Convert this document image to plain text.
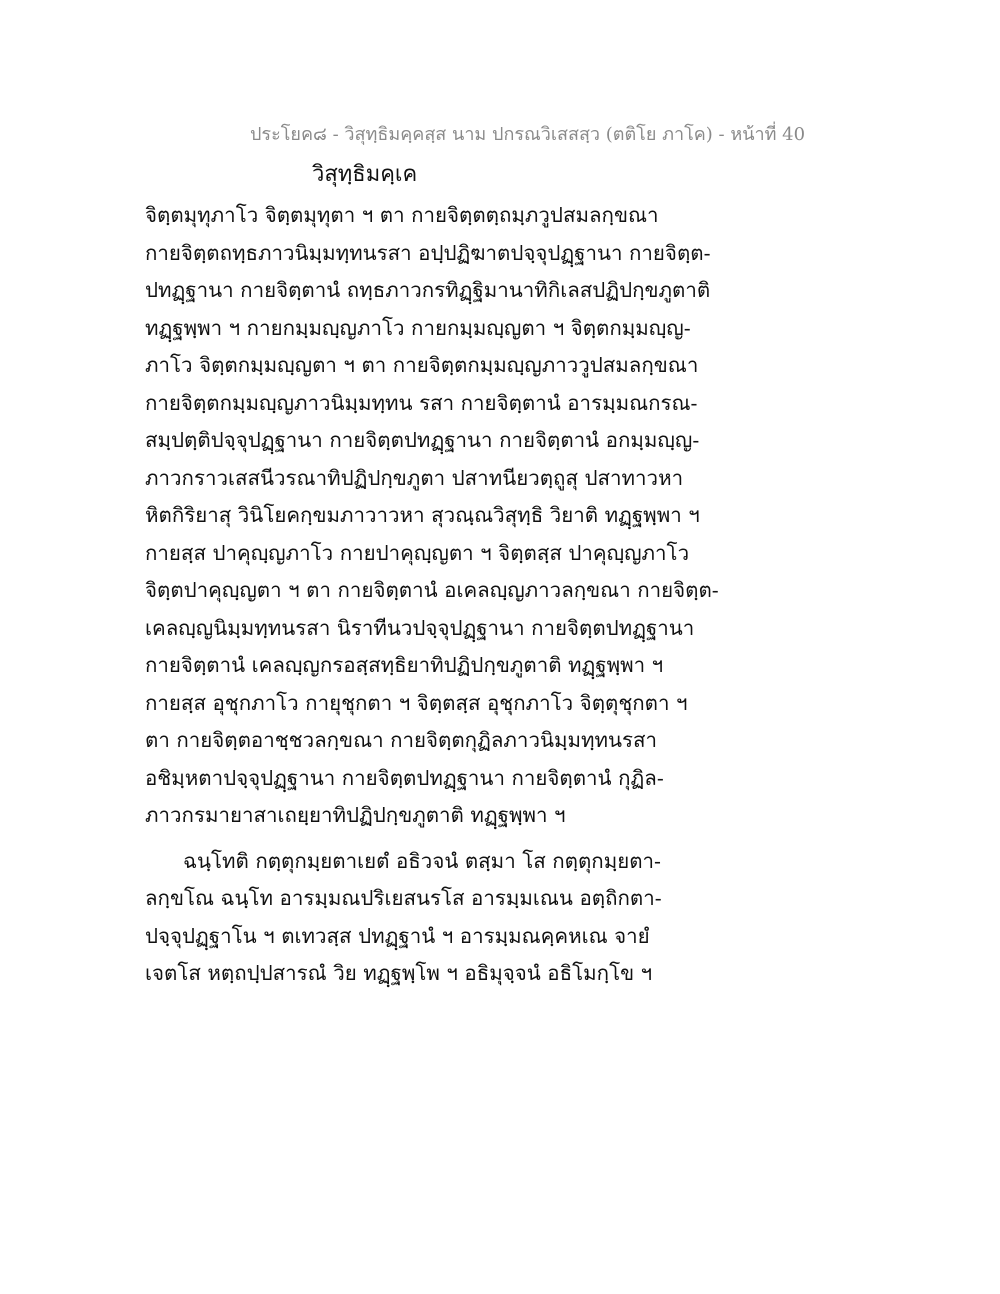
ประโยค๘ - วิสุทฺธิมคฺคสฺส นาม ปกรณวิเสสสฺว (ตติโย ภาโค) - หน้าที่ 40
วิสุทฺธิมคฺเค
จิตฺตมุทุภาโว จิตฺตมุทุตา ฯ ตา กายจิตฺตตฺถมฺภวูปสมลกฺขณา
กายจิตฺตถทฺธภาวนิมฺมทฺทนรสา อปฺปฏิฆาตปจฺจุปฏฺฐานา กายจิตฺต-
ปทฏฺฐานา กายจิตฺตานํ ถทฺธภาวกรทิฏฺฐิมานาทิกิเลสปฏิปกฺขภูตาติ
ทฏฺฐพฺพา ฯ กายกมฺมญฺญภาโว กายกมฺมญฺญตา ฯ จิตฺตกมฺมญฺญ-
ภาโว จิตฺตกมฺมญฺญตา ฯ ตา กายจิตฺตกมฺมญฺญภาววูปสมลกฺขณา
กายจิตฺตกมฺมญฺญภาวนิมฺมทฺทน รสา กายจิตฺตานํ อารมฺมณกรณ-
สมฺปตฺติปจฺจุปฏฺฐานา กายจิตฺตปทฏฺฐานา กายจิตฺตานํ อกมฺมญฺญ-
ภาวกราวเสสนีวรณาทิปฏิปกฺขภูตา ปสาทนียวตฺถูสุ ปสาทาวหา
หิตกิริยาสุ วินิโยคกฺขมภาวาวหา สุวณฺณวิสุทฺธิ วิยาติ ทฏฺฐพฺพา ฯ
กายสฺส ปาคุญฺญภาโว กายปาคุญฺญตา ฯ จิตฺตสฺส ปาคุญฺญภาโว
จิตฺตปาคุญฺญตา ฯ ตา กายจิตฺตานํ อเคลญฺญภาวลกฺขณา กายจิตฺต-
เคลญฺญนิมฺมทฺทนรสา นิราทีนวปจฺจุปฏฺฐานา กายจิตฺตปทฏฺฐานา
กายจิตฺตานํ เคลญฺญกรอสฺสทฺธิยาทิปฏิปกฺขภูตาติ ทฏฺฐพฺพา ฯ
กายสฺส อุชุกภาโว กายุชุกตา ฯ จิตฺตสฺส อุชุกภาโว จิตฺตุชุกตา ฯ
ตา กายจิตฺตอาชฺชวลกฺขณา กายจิตฺตกุฏิลภาวนิมฺมทฺทนรสา
อชิมฺหตาปจฺจุปฏฺฐานา กายจิตฺตปทฏฺฐานา กายจิตฺตานํ กุฏิล-
ภาวกรมายาสาเถยฺยาทิปฏิปกฺขภูตาติ ทฏฺฐพฺพา ฯ
ฉนฺโทติ กตฺตุกมฺยตาเยตํ อธิวจนํ ตสฺมา โส กตฺตุกมฺยตา-
ลกฺขโณ ฉนฺโท อารมฺมณปริเยสนรโส อารมฺมเณน อตฺถิกตา-
ปจฺจุปฏฺฐาโน ฯ ตเทวสฺส ปทฏฺฐานํ ฯ อารมฺมณคฺคหเณ จายํ
เจตโส หตฺถปฺปสารณํ วิย ทฏฺฐพฺโพ ฯ อธิมุจฺจนํ อธิโมกฺโข ฯ
